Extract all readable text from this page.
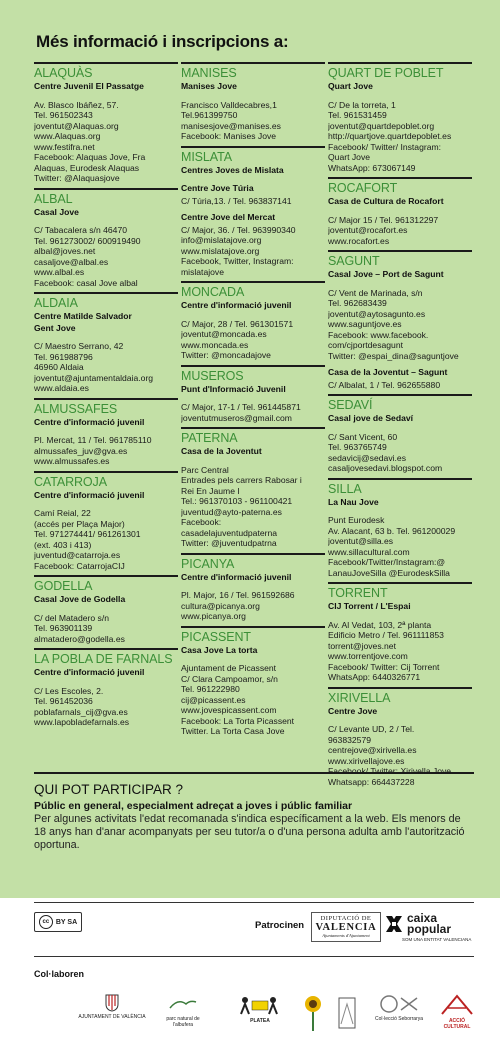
Més informació i inscripcions a:
ALAQUÀS
Centre Juvenil El Passatge
Av. Blasco Ibáñez, 57.
Tel. 961502343
joventut@Alaquas.org
www.Alaquas.org
www.festifra.net
Facebook: Alaquas Jove, Fra
Alaquas, Eurodesk Alaquas
Twitter: @Alaquasjove
ALBAL
Casal Jove
C/ Tabacalera s/n 46470
Tel. 961273002/ 600919490
albal@joves.net
casaljove@albal.es
www.albal.es
Facebook: casal Jove albal
ALDAIA
Centre Matilde Salvador
Gent Jove
C/ Maestro Serrano, 42
Tel. 961988796
46960 Aldaia
joventut@ajuntamentaldaia.org
www.aldaia.es
ALMUSSAFES
Centre d'informació juvenil
Pl. Mercat, 11 / Tel. 961785110
almussafes_juv@gva.es
www.almussafes.es
CATARROJA
Centre d'informació juvenil
Camí Reial, 22
(accés per Plaça Major)
Tel. 971274441/ 961261301
(ext. 403 i 413)
juventud@catarroja.es
Facebook: CatarrojaCIJ
GODELLA
Casal Jove de Godella
C/ del Matadero s/n
Tel. 963901139
almatadero@godella.es
LA POBLA DE FARNALS
Centre d'informació juvenil
C/ Les Escoles, 2.
Tel. 961452036
poblafarnals_cij@gva.es
www.lapobladefarnals.es
MANISES
Manises Jove
Francisco Valldecabres,1
Tel.961399750
manisesjove@manises.es
Facebook: Manises Jove
MISLATA
Centres Joves de Mislata
Centre Jove Túria
C/ Túria,13. / Tel. 963837141
Centre Jove del Mercat
C/ Major, 36. / Tel. 963990340
info@mislatajove.org
www.mislatajove.org
Facebook, Twitter, Instagram:
mislatajove
MONCADA
Centre d'informació juvenil
C/ Major, 28 / Tel. 961301571
joventut@moncada.es
www.moncada.es
Twitter: @moncadajove
MUSEROS
Punt d'Informació Juvenil
C/ Major, 17-1 / Tel. 961445871
joventutmuseros@gmail.com
PATERNA
Casa de la Joventut
Parc Central
Entrades pels carrers Rabosar i
Rei En Jaume I
Tel.: 961370103 - 961100421
juventud@ayto-paterna.es
Facebook:
casadelajuventudpaterna
Twitter: @juventudpatrna
PICANYA
Centre d'informació juvenil
Pl. Major, 16 / Tel. 961592686
cultura@picanya.org
www.picanya.org
PICASSENT
Casa Jove La torta
Ajuntament de Picassent
C/ Clara Campoamor, s/n
Tel. 961222980
cij@picassent.es
www.jovespicassent.com
Facebook: La Torta Picassent
Twitter. La Torta Casa Jove
QUART DE POBLET
Quart Jove
C/ De la torreta, 1
Tel. 961531459
joventut@quartdepoblet.org
http://quartjove.quartdepoblet.es
Facebook/ Twitter/ Instagram:
Quart Jove
WhatsApp: 673067149
ROCAFORT
Casa de Cultura de Rocafort
C/ Major 15 / Tel. 961312297
joventut@rocafort.es
www.rocafort.es
SAGUNT
Casal Jove – Port de Sagunt
C/ Vent de Marinada, s/n
Tel. 962683439
joventut@aytosagunto.es
www.saguntjove.es
Facebook: www.facebook.
com/cjportdesagunt
Twitter: @espai_dina@saguntjove
Casa de la Joventut – Sagunt
C/ Albalat, 1 / Tel. 962655880
SEDAVÍ
Casal jove de Sedaví
C/ Sant Vicent, 60
Tel. 963765749
sedavicij@sedavi.es
casaljovesedavi.blogspot.com
SILLA
La Nau Jove
Punt Eurodesk
Av. Alacant, 63 b. Tel. 961200029
joventut@silla.es
www.sillacultural.com
Facebook/Twitter/Instagram:@
LanauJoveSilla @EurodeskSilla
TORRENT
CIJ Torrent / L'Espai
Av. Al Vedat, 103, 2ª planta
Edificio Metro / Tel. 961111853
torrent@joves.net
www.torrentjove.com
Facebook/ Twitter: Cij Torrent
WhatsApp: 6440326771
XIRIVELLA
Centre Jove
C/ Levante UD, 2 / Tel.
963832579
centrejove@xirivella.es
www.xirivellajove.es
Facebook/ Twitter: Xirivella Jove
Whatsapp: 664437228
QUI POT PARTICIPAR ?
Públic en general, especialment adreçat a joves i públic familiar
Per algunes activitats l'edat recomanada s'indica específicament a la web. Els menors de 18 anys han d'anar acompanyats per seu tutor/a o d'una persona adulta amb l'autorització oportuna.
cc BY SA	Patrocinen
DIPUTACIÓ DE
VALENCIA
Ajuntaments d'Ajuntament
caixa
popular
SOM UNA ENTITAT VALENCIANA
Col·laboren
AJUNTAMENT DE VALÈNCIA	parc natural de l'albufera
PLATEA	Col·lecció Seborrarya	ACCIÓ CULTURAL
